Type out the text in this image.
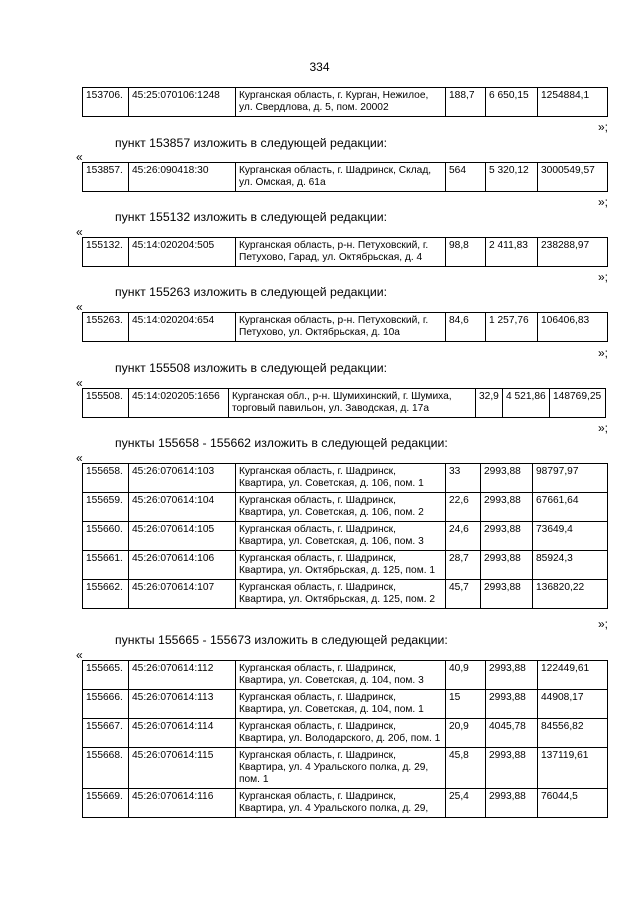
334
153706.	45:25:070106:1248	Курганская область, г. Курган, Нежилое, ул. Свердлова, д. 5, пом. 20002	188,7	6 650,15	1254884,1
»;
пункт 153857 изложить в следующей редакции:
«
153857.	45:26:090418:30	Курганская область, г. Шадринск, Склад, ул. Омская, д. 61а	564	5 320,12	3000549,57
»;
пункт 155132 изложить в следующей редакции:
«
155132.	45:14:020204:505	Курганская область, р-н. Петуховский, г. Петухово, Гарад, ул. Октябрьская, д. 4	98,8	2 411,83	238288,97
»;
пункт 155263 изложить в следующей редакции:
«
155263.	45:14:020204:654	Курганская область, р-н. Петуховский, г. Петухово, ул. Октябрьская, д. 10а	84,6	1 257,76	106406,83
»;
пункт 155508 изложить в следующей редакции:
«
155508.	45:14:020205:1656	Курганская обл., р-н. Шумихинский, г. Шумиха, торговый павильон, ул. Заводская, д. 17а	32,9	4 521,86	148769,25
»;
пункты 155658 - 155662 изложить в следующей редакции:
«
155658.	45:26:070614:103	Курганская область, г. Шадринск, Квартира, ул. Советская, д. 106, пом. 1	33	2993,88	98797,97
155659.	45:26:070614:104	Курганская область, г. Шадринск, Квартира, ул. Советская, д. 106, пом. 2	22,6	2993,88	67661,64
155660.	45:26:070614:105	Курганская область, г. Шадринск, Квартира, ул. Советская, д. 106, пом. 3	24,6	2993,88	73649,4
155661.	45:26:070614:106	Курганская область, г. Шадринск, Квартира, ул. Октябрьская, д. 125, пом. 1	28,7	2993,88	85924,3
155662.	45:26:070614:107	Курганская область, г. Шадринск, Квартира, ул. Октябрьская, д. 125, пом. 2	45,7	2993,88	136820,22
»;
пункты 155665 - 155673 изложить в следующей редакции:
«
155665.	45:26:070614:112	Курганская область, г. Шадринск, Квартира, ул. Советская, д. 104, пом. 3	40,9	2993,88	122449,61
155666.	45:26:070614:113	Курганская область, г. Шадринск, Квартира, ул. Советская, д. 104, пом. 1	15	2993,88	44908,17
155667.	45:26:070614:114	Курганская область, г. Шадринск, Квартира, ул. Володарского, д. 20б, пом. 1	20,9	4045,78	84556,82
155668.	45:26:070614:115	Курганская область, г. Шадринск, Квартира, ул. 4 Уральского полка, д. 29, пом. 1	45,8	2993,88	137119,61
155669.	45:26:070614:116	Курганская область, г. Шадринск, Квартира, ул. 4 Уральского полка, д. 29,	25,4	2993,88	76044,5
